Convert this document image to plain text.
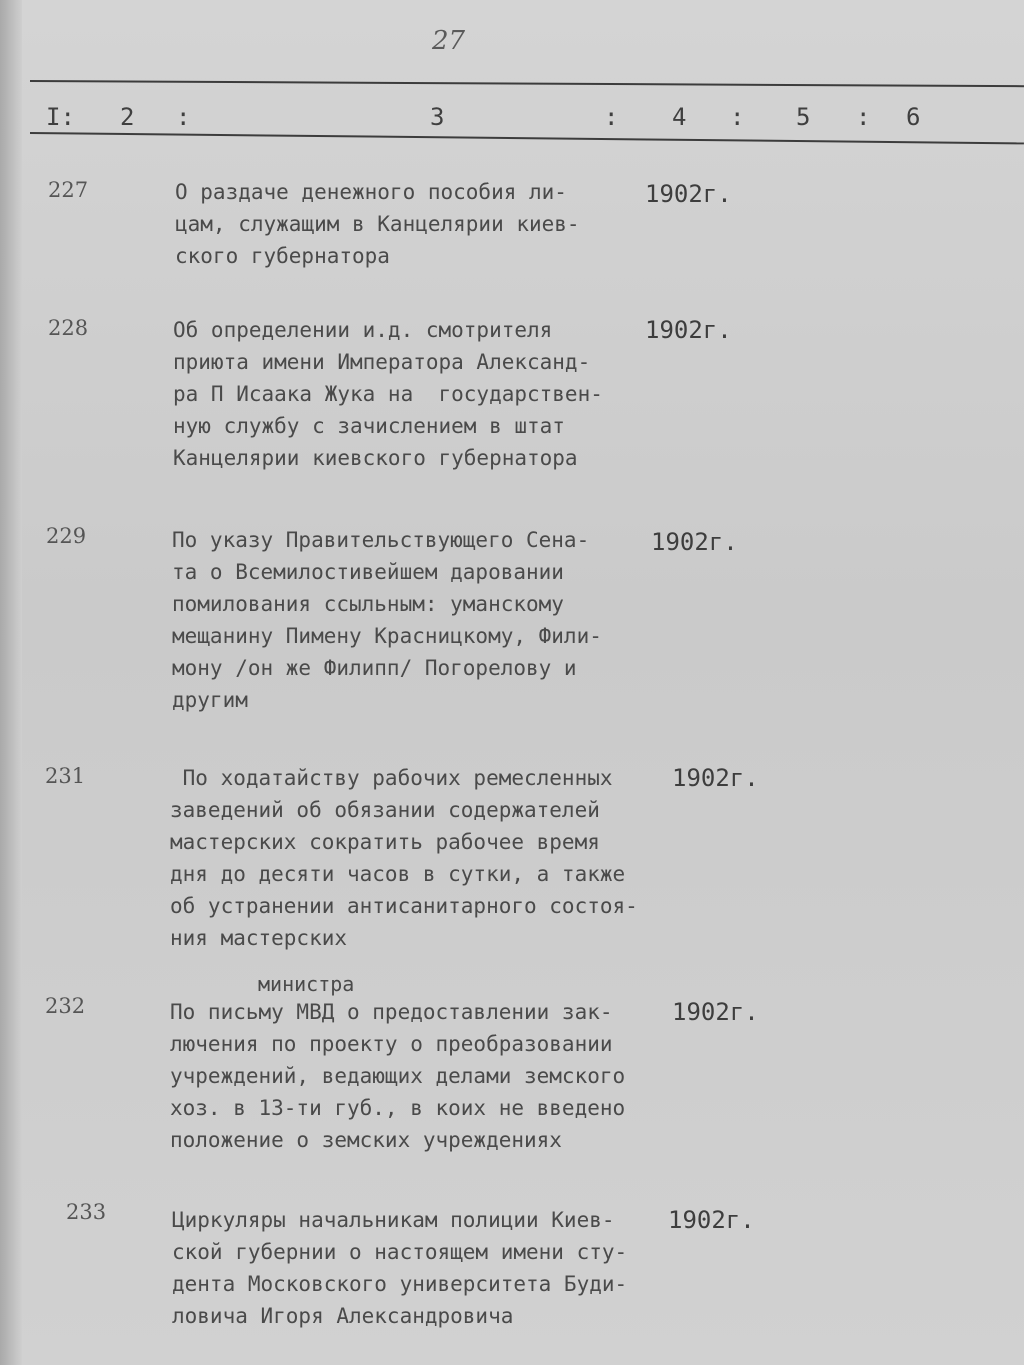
27
I: 2 :	3	: 4 : 5 : 6
227	О раздаче денежного пособия ли-
цам, служащим в Канцелярии киев-
ского губернатора
1902г.
228	Об определении и.д. смотрителя
приюта имени Императора Александ-
ра П Исаака Жука на  государствен-
ную службу с зачислением в штат
Канцелярии киевского губернатора
1902г.
229	По указу Правительствующего Сена-
та о Всемилостивейшем даровании
помилования ссыльным: уманскому
мещанину Пимену Красницкому, Фили-
мону /он же Филипп/ Погорелову и
другим
1902г.
231	По ходатайству рабочих ремесленных
заведений об обязании содержателей
мастерских сократить рабочее время
дня до десяти часов в сутки, а также
об устранении антисанитарного состоя-
ния мастерских
1902г.
министра
232	По письму МВД о предоставлении зак-
лючения по проекту о преобразовании
учреждений, ведающих делами земского
хоз. в 13-ти губ., в коих не введено
положение о земских учреждениях
1902г.
233	Циркуляры начальникам полиции Киев-
ской губернии о настоящем имени сту-
дента Московского университета Буди-
ловича Игоря Александровича
1902г.
